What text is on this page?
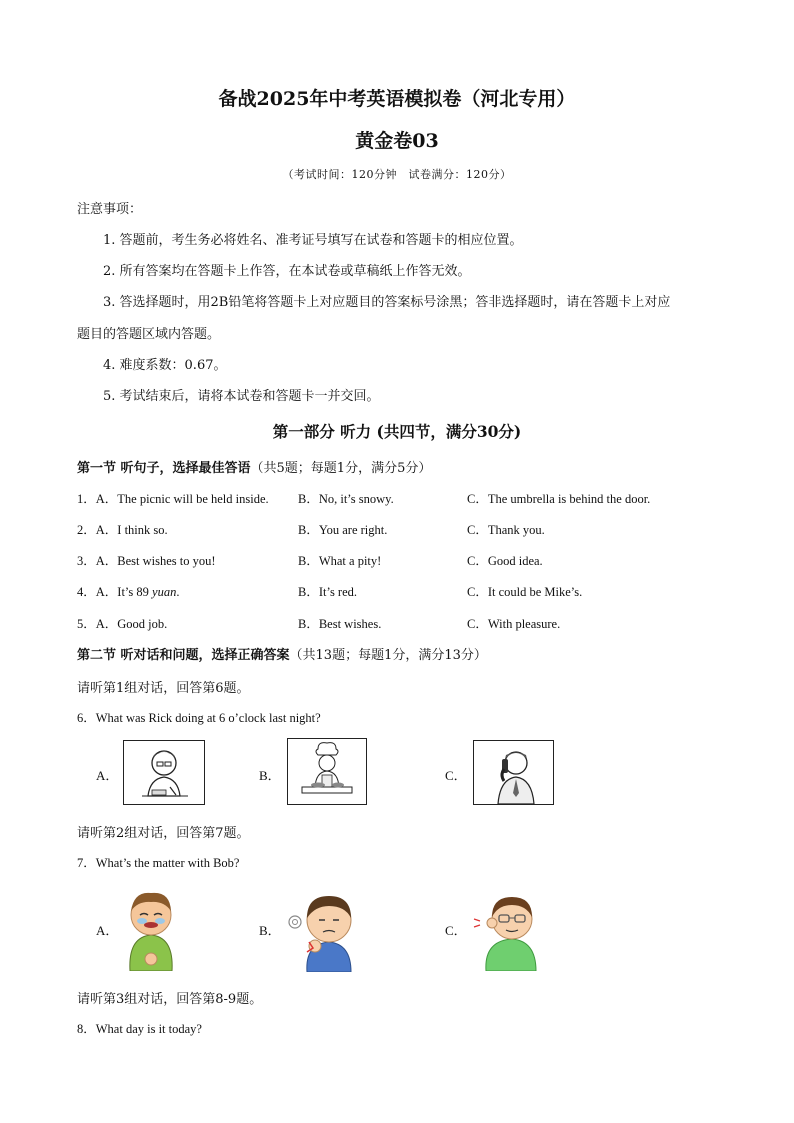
备战2025年中考英语模拟卷（河北专用）
黄金卷03
（考试时间：120分钟　试卷满分：120分）
注意事项：
1. 答题前，考生务必将姓名、准考证号填写在试卷和答题卡的相应位置。
2. 所有答案均在答题卡上作答，在本试卷或草稿纸上作答无效。
3. 答选择题时，用2B铅笔将答题卡上对应题目的答案标号涂黑；答非选择题时，请在答题卡上对应
题目的答题区域内答题。
4. 难度系数：0.67。
5. 考试结束后，请将本试卷和答题卡一并交回。
第一部分 听力 (共四节，满分30分)
第一节 听句子，选择最佳答语（共5题；每题1分，满分5分）
1．A．The picnic will be held inside. B．No, it’s snowy.	C．The umbrella is behind the door.
2．A．I think so.	B．You are right.	C．Thank you.
3．A．Best wishes to you!	B．What a pity!	C．Good idea.
4．A．It’s 89 yuan.	B．It’s red.	C．It could be Mike’s.
5．A．Good job.	B．Best wishes.	C．With pleasure.
第二节 听对话和问题，选择正确答案（共13题；每题1分，满分13分）
请听第1组对话，回答第6题。
6．What was Rick doing at 6 o’clock last night?
A．	B．	C．
请听第2组对话，回答第7题。
7．What’s the matter with Bob?
A．	B．	C．
请听第3组对话，回答第8-9题。
8．What day is it today?
